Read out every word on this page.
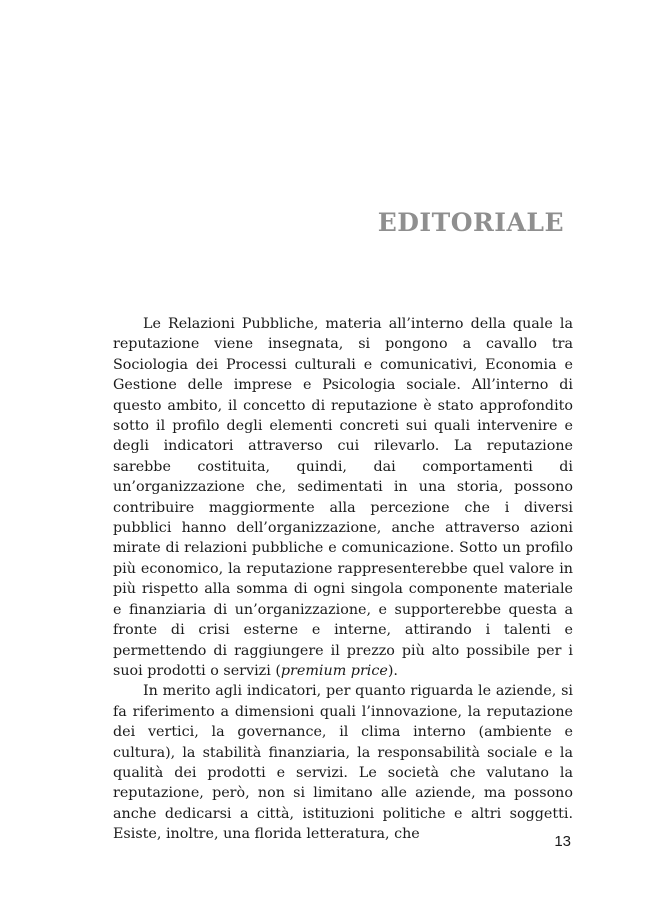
EDITORIALE

Le Relazioni Pubbliche, materia all’interno della quale la reputazione viene insegnata, si pongono a cavallo tra Sociologia dei Processi culturali e comunicativi, Economia e Gestione delle imprese e Psicologia sociale. All’interno di questo ambito, il concetto di reputazione è stato approfondito sotto il profilo degli elementi concreti sui quali intervenire e degli indicatori attraverso cui rilevarlo. La reputazione sarebbe costituita, quindi, dai comportamenti di un’organizzazione che, sedimentati in una storia, possono contribuire maggiormente alla percezione che i diversi pubblici hanno dell’organizzazione, anche attraverso azioni mirate di relazioni pubbliche e comunicazione. Sotto un profilo più economico, la reputazione rappresenterebbe quel valore in più rispetto alla somma di ogni singola componente materiale e finanziaria di un’organizzazione, e supporterebbe questa a fronte di crisi esterne e interne, attirando i talenti e permettendo di raggiungere il prezzo più alto possibile per i suoi prodotti o servizi (premium price).

In merito agli indicatori, per quanto riguarda le aziende, si fa riferimento a dimensioni quali l’innovazione, la reputazione dei vertici, la governance, il clima interno (ambiente e cultura), la stabilità finanziaria, la responsabilità sociale e la qualità dei prodotti e servizi. Le società che valutano la reputazione, però, non si limitano alle aziende, ma possono anche dedicarsi a città, istituzioni politiche e altri soggetti. Esiste, inoltre, una florida letteratura, che	13
